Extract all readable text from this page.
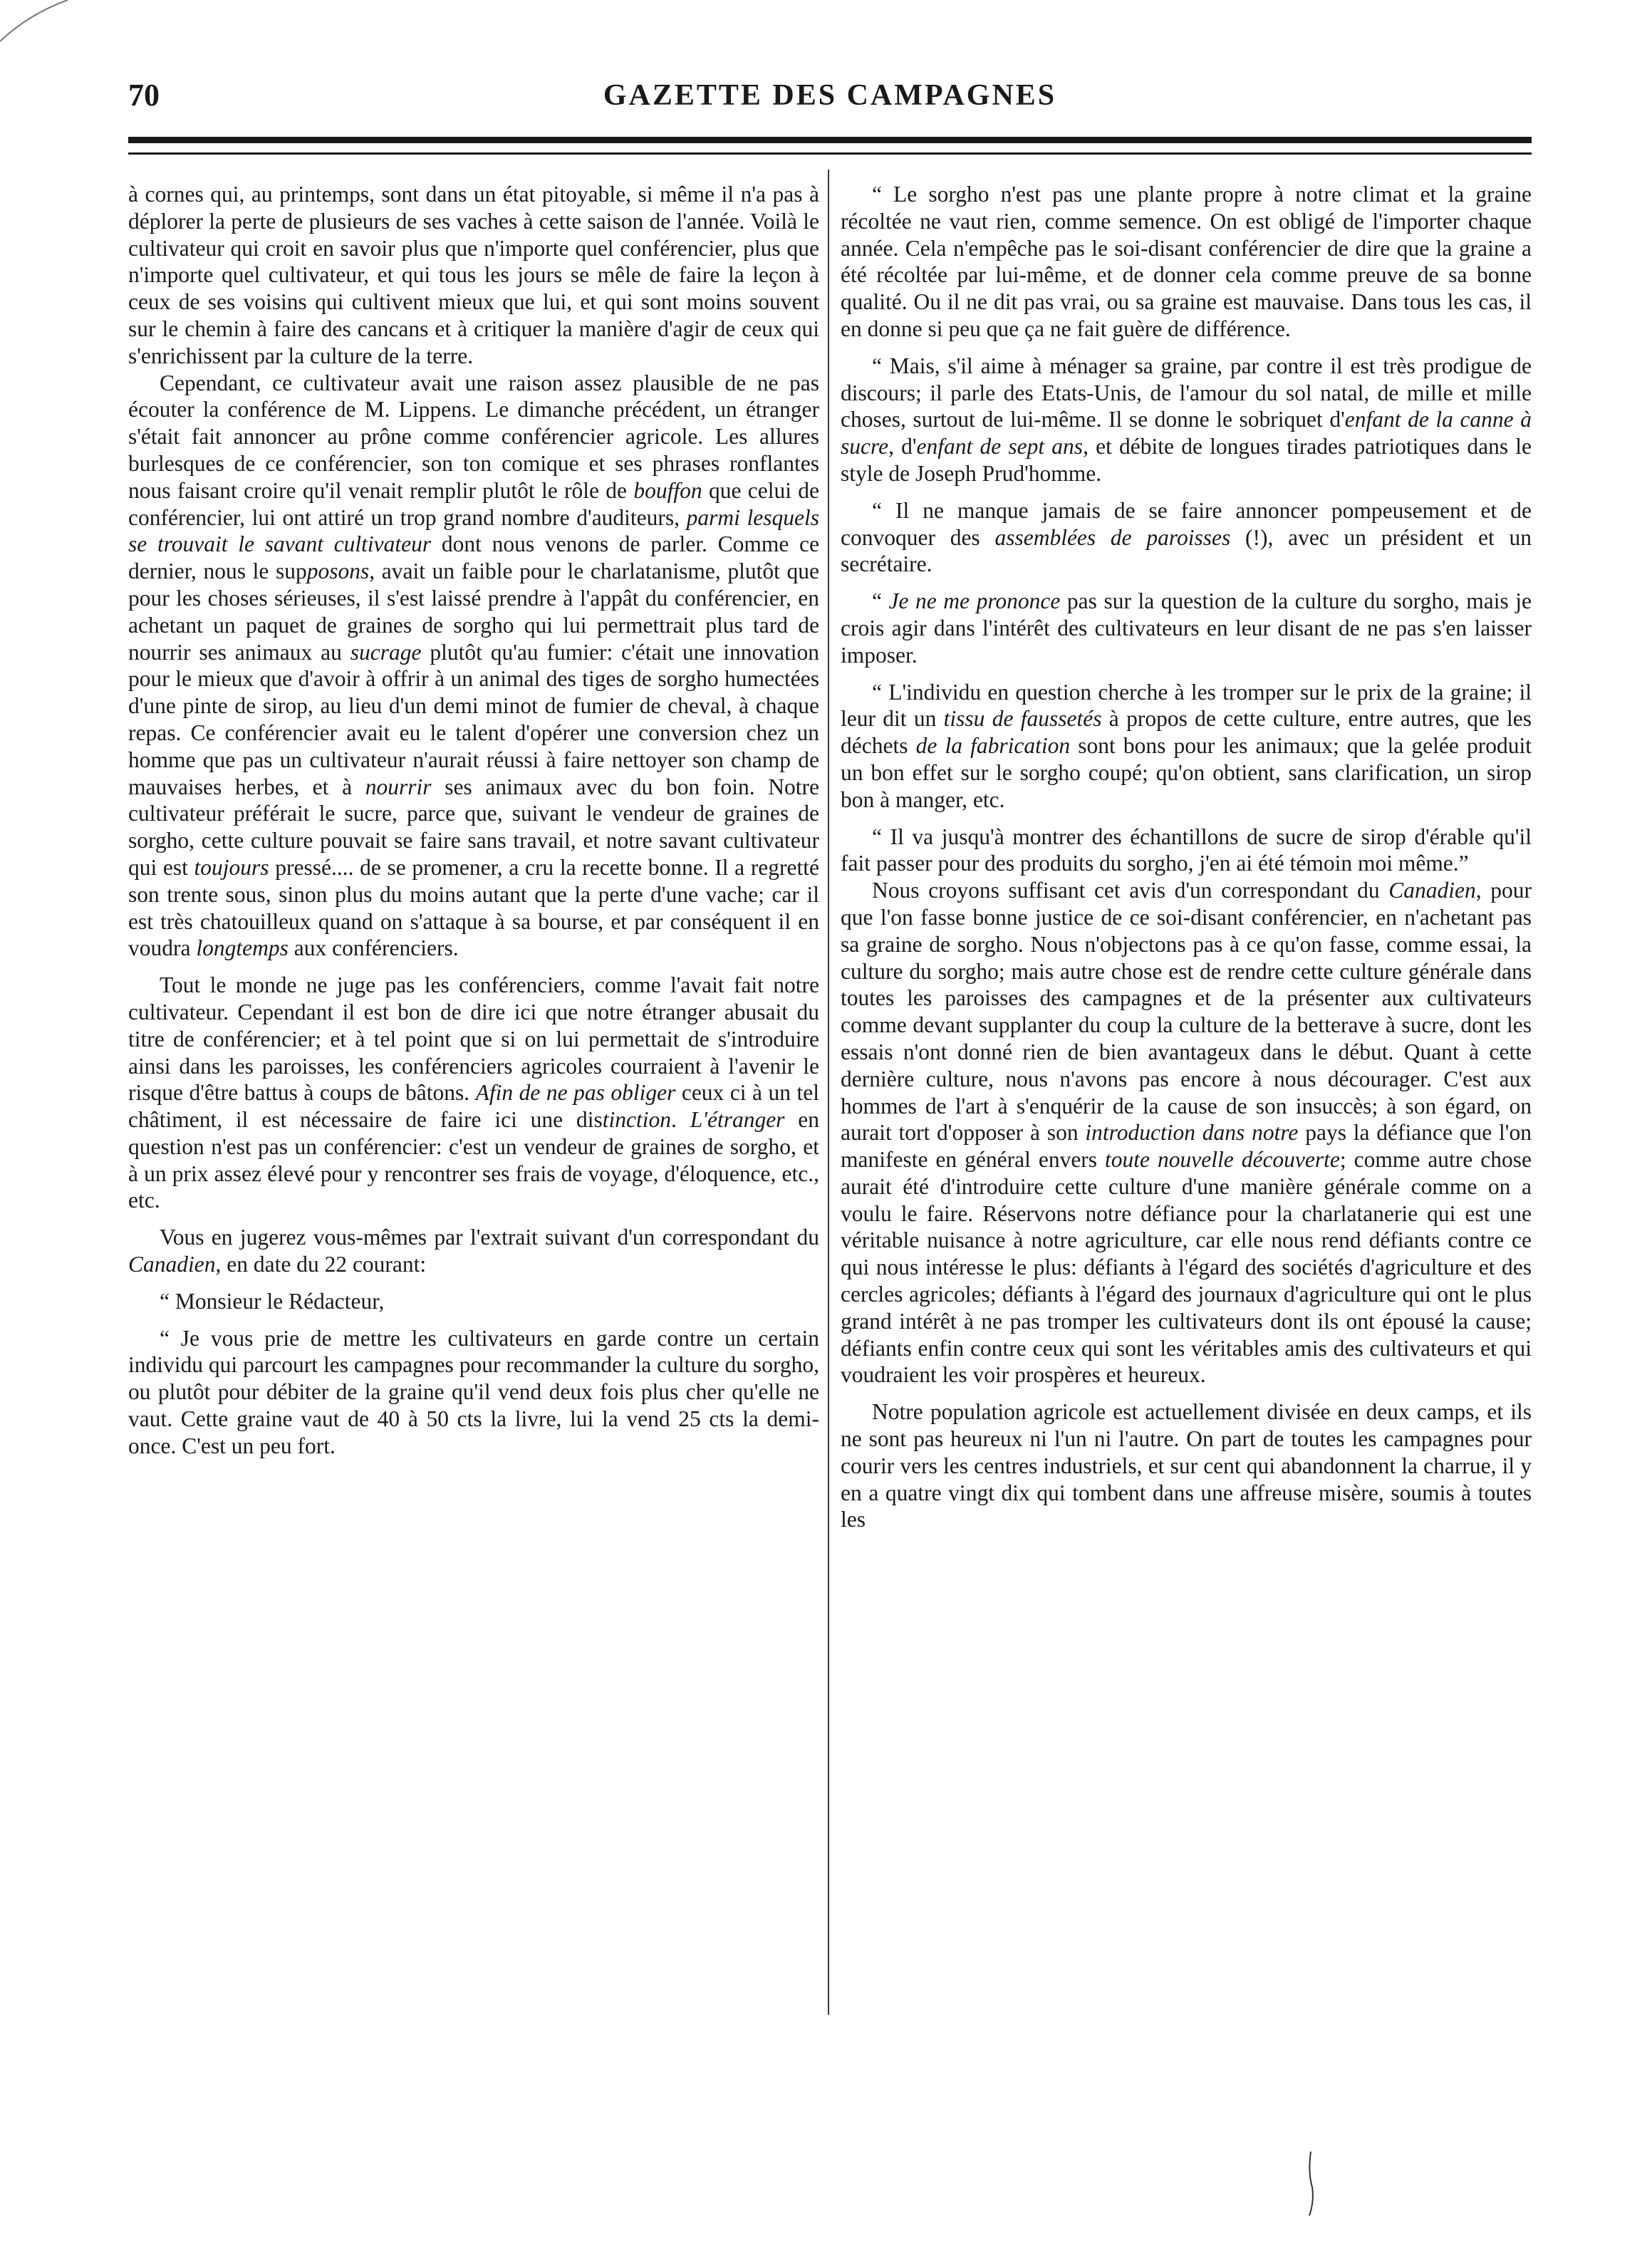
70	GAZETTE DES CAMPAGNES

à cornes qui, au printemps, sont dans un état pitoyable, si même il n'a pas à déplorer la perte de plusieurs de ses vaches à cette saison de l'année. Voilà le cultivateur qui croit en savoir plus que n'importe quel conférencier, plus que n'importe quel cultivateur, et qui tous les jours se mêle de faire la leçon à ceux de ses voisins qui cultivent mieux que lui, et qui sont moins souvent sur le chemin à faire des cancans et à critiquer la manière d'agir de ceux qui s'enrichissent par la culture de la terre.

Cependant, ce cultivateur avait une raison assez plausible de ne pas écouter la conférence de M. Lippens. Le dimanche précédent, un étranger s'était fait annoncer au prône comme conférencier agricole. Les allures burlesques de ce conférencier, son ton comique et ses phrases ronflantes nous faisant croire qu'il venait remplir plutôt le rôle de bouffon que celui de conférencier, lui ont attiré un trop grand nombre d'auditeurs, parmi lesquels se trouvait le savant cultivateur dont nous venons de parler. Comme ce dernier, nous le supposons, avait un faible pour le charlatanisme, plutôt que pour les choses sérieuses, il s'est laissé prendre à l'appât du conférencier, en achetant un paquet de graines de sorgho qui lui permettrait plus tard de nourrir ses animaux au sucrage plutôt qu'au fumier: c'était une innovation pour le mieux que d'avoir à offrir à un animal des tiges de sorgho humectées d'une pinte de sirop, au lieu d'un demi minot de fumier de cheval, à chaque repas. Ce conférencier avait eu le talent d'opérer une conversion chez un homme que pas un cultivateur n'aurait réussi à faire nettoyer son champ de mauvaises herbes, et à nourrir ses animaux avec du bon foin. Notre cultivateur préférait le sucre, parce que, suivant le vendeur de graines de sorgho, cette culture pouvait se faire sans travail, et notre savant cultivateur qui est toujours pressé.... de se promener, a cru la recette bonne. Il a regretté son trente sous, sinon plus du moins autant que la perte d'une vache; car il est très chatouilleux quand on s'attaque à sa bourse, et par conséquent il en voudra longtemps aux conférenciers.

Tout le monde ne juge pas les conférenciers, comme l'avait fait notre cultivateur. Cependant il est bon de dire ici que notre étranger abusait du titre de conférencier; et à tel point que si on lui permettait de s'introduire ainsi dans les paroisses, les conférenciers agricoles courraient à l'avenir le risque d'être battus à coups de bâtons. Afin de ne pas obliger ceux ci à un tel châtiment, il est nécessaire de faire ici une distinction. L'étranger en question n'est pas un conférencier: c'est un vendeur de graines de sorgho, et à un prix assez élevé pour y rencontrer ses frais de voyage, d'éloquence, etc., etc.

Vous en jugerez vous-mêmes par l'extrait suivant d'un correspondant du Canadien, en date du 22 courant:

“ Monsieur le Rédacteur,

“ Je vous prie de mettre les cultivateurs en garde contre un certain individu qui parcourt les campagnes pour recommander la culture du sorgho, ou plutôt pour débiter de la graine qu'il vend deux fois plus cher qu'elle ne vaut. Cette graine vaut de 40 à 50 cts la livre, lui la vend 25 cts la demi-once. C'est un peu fort.

“ Le sorgho n'est pas une plante propre à notre climat et la graine récoltée ne vaut rien, comme semence. On est obligé de l'importer chaque année. Cela n'empêche pas le soi-disant conférencier de dire que la graine a été récoltée par lui-même, et de donner cela comme preuve de sa bonne qualité. Ou il ne dit pas vrai, ou sa graine est mauvaise. Dans tous les cas, il en donne si peu que ça ne fait guère de différence.

“ Mais, s'il aime à ménager sa graine, par contre il est très prodigue de discours; il parle des Etats-Unis, de l'amour du sol natal, de mille et mille choses, surtout de lui-même. Il se donne le sobriquet d'enfant de la canne à sucre, d'enfant de sept ans, et débite de longues tirades patriotiques dans le style de Joseph Prud'homme.

“ Il ne manque jamais de se faire annoncer pompeusement et de convoquer des assemblées de paroisses (!), avec un président et un secrétaire.

“ Je ne me prononce pas sur la question de la culture du sorgho, mais je crois agir dans l'intérêt des cultivateurs en leur disant de ne pas s'en laisser imposer.

“ L'individu en question cherche à les tromper sur le prix de la graine; il leur dit un tissu de faussetés à propos de cette culture, entre autres, que les déchets de la fabrication sont bons pour les animaux; que la gelée produit un bon effet sur le sorgho coupé; qu'on obtient, sans clarification, un sirop bon à manger, etc.

“ Il va jusqu'à montrer des échantillons de sucre de sirop d'érable qu'il fait passer pour des produits du sorgho, j'en ai été témoin moi même.”

Nous croyons suffisant cet avis d'un correspondant du Canadien, pour que l'on fasse bonne justice de ce soi-disant conférencier, en n'achetant pas sa graine de sorgho. Nous n'objectons pas à ce qu'on fasse, comme essai, la culture du sorgho; mais autre chose est de rendre cette culture générale dans toutes les paroisses des campagnes et de la présenter aux cultivateurs comme devant supplanter du coup la culture de la betterave à sucre, dont les essais n'ont donné rien de bien avantageux dans le début. Quant à cette dernière culture, nous n'avons pas encore à nous décourager. C'est aux hommes de l'art à s'enquérir de la cause de son insuccès; à son égard, on aurait tort d'opposer à son introduction dans notre pays la défiance que l'on manifeste en général envers toute nouvelle découverte; comme autre chose aurait été d'introduire cette culture d'une manière générale comme on a voulu le faire. Réservons notre défiance pour la charlatanerie qui est une véritable nuisance à notre agriculture, car elle nous rend défiants contre ce qui nous intéresse le plus: défiants à l'égard des sociétés d'agriculture et des cercles agricoles; défiants à l'égard des journaux d'agriculture qui ont le plus grand intérêt à ne pas tromper les cultivateurs dont ils ont épousé la cause; défiants enfin contre ceux qui sont les véritables amis des cultivateurs et qui voudraient les voir prospères et heureux.

Notre population agricole est actuellement divisée en deux camps, et ils ne sont pas heureux ni l'un ni l'autre. On part de toutes les campagnes pour courir vers les centres industriels, et sur cent qui abandonnent la charrue, il y en a quatre vingt dix qui tombent dans une affreuse misère, soumis à toutes les
